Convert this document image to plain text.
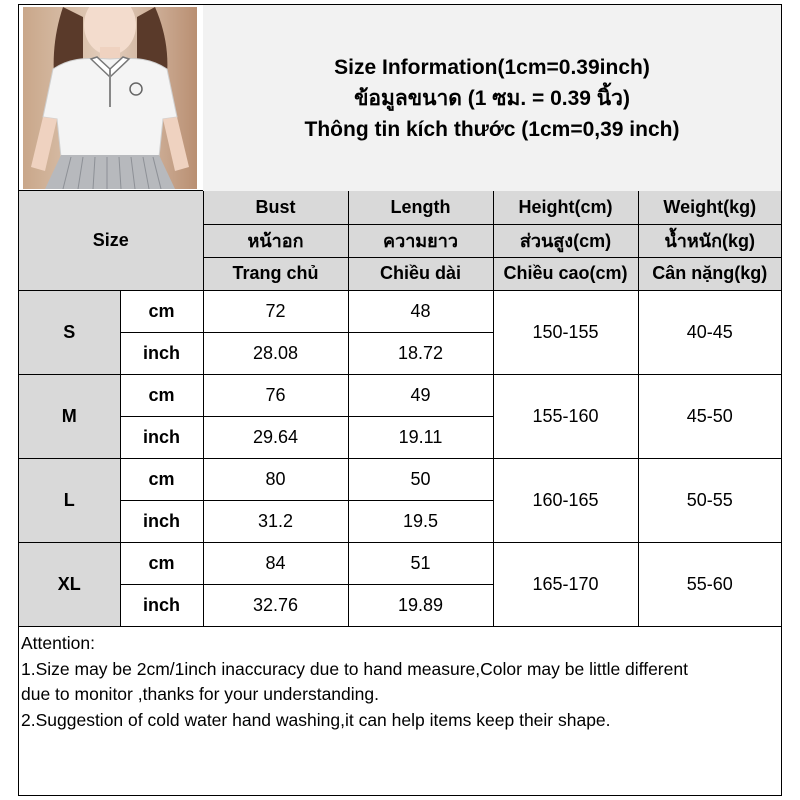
Size Information(1cm=0.39inch)
ข้อมูลขนาด (1 ซม. = 0.39 นิ้ว)
Thông tin kích thước (1cm=0,39 inch)
Size		Bust	Length	Height(cm)	Weight(kg)
		หน้าอก	ความยาว	ส่วนสูง(cm)	น้ำหนัก(kg)
		Trang chủ	Chiều dài	Chiều cao(cm)	Cân nặng(kg)
S	cm	72	48	150-155	40-45
	inch	28.08	18.72		
M	cm	76	49	155-160	45-50
	inch	29.64	19.11		
L	cm	80	50	160-165	50-55
	inch	31.2	19.5		
XL	cm	84	51	165-170	55-60
	inch	32.76	19.89		

Attention:

1.Size may be 2cm/1inch inaccuracy due to hand measure,Color may be little different

due to monitor ,thanks for your understanding.

2.Suggestion of cold water hand washing,it can help items keep their shape.
